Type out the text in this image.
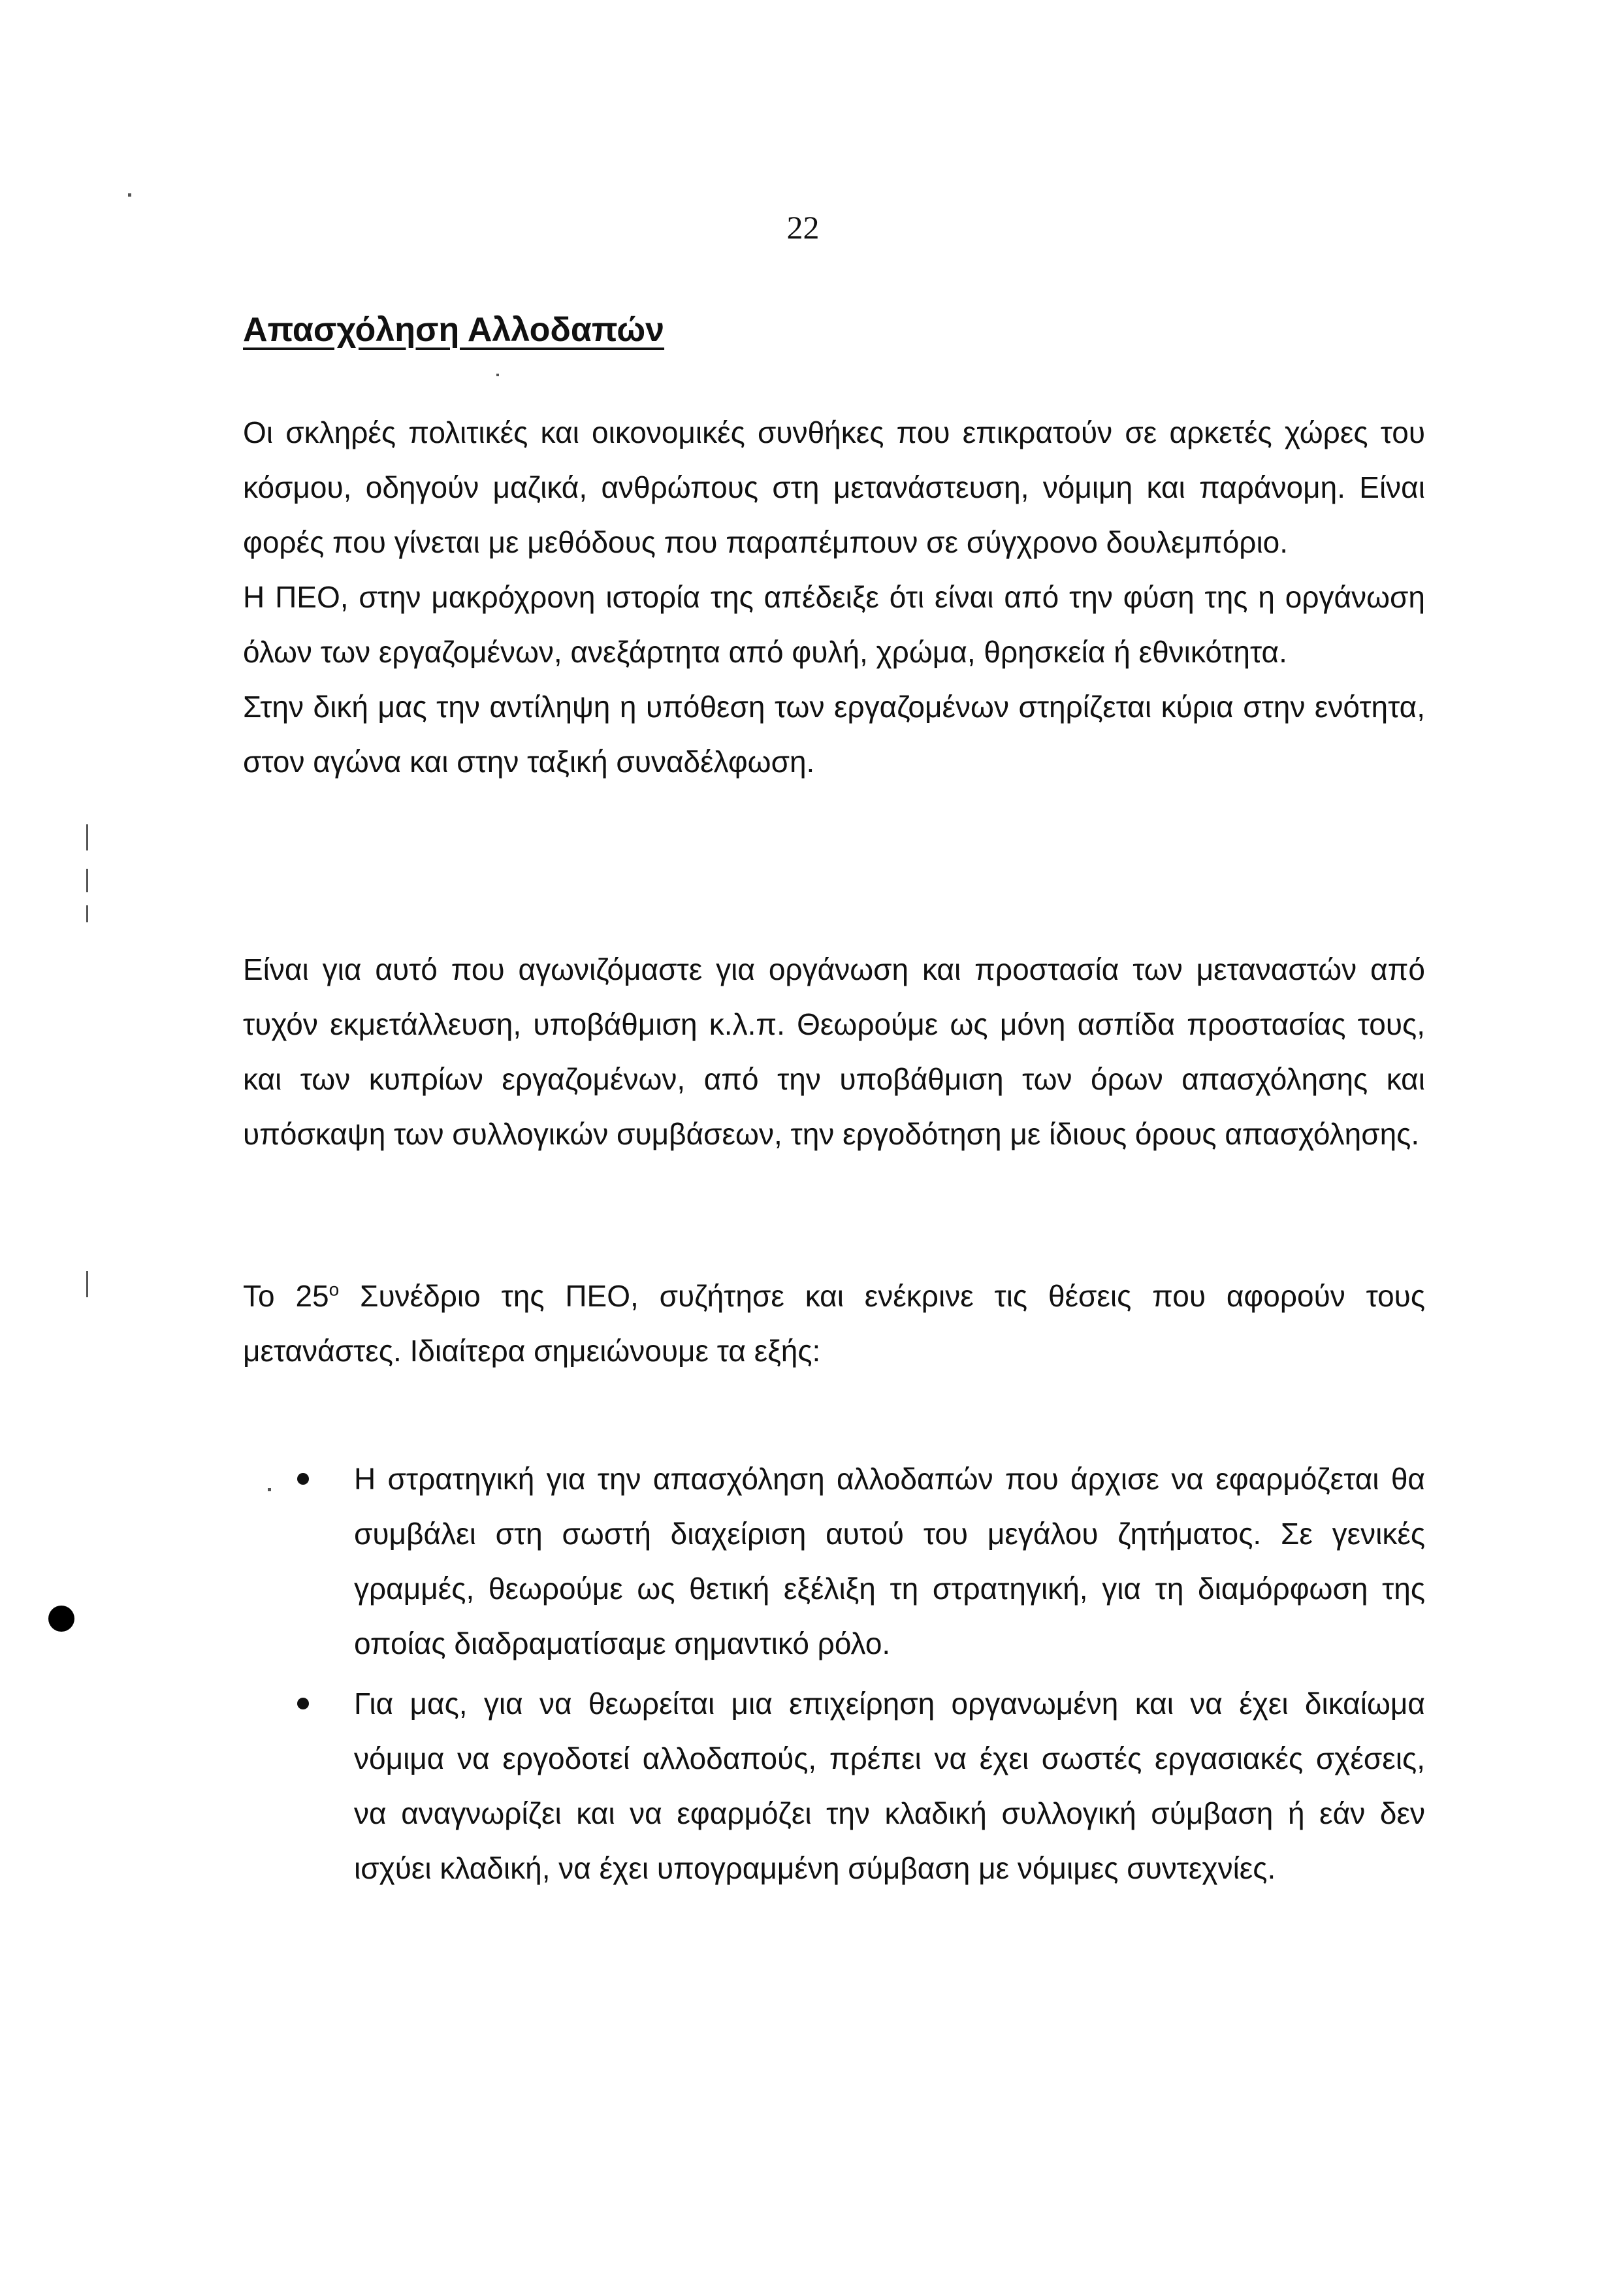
22
Απασχόληση Αλλοδαπών

Οι σκληρές πολιτικές και οικονομικές συνθήκες που επικρατούν σε αρκετές χώρες του κόσμου, οδηγούν μαζικά, ανθρώπους στη μετανάστευση, νόμιμη και παράνομη. Είναι φορές που γίνεται με μεθόδους που παραπέμπουν σε σύγχρονο δουλεμπόριο.

Η ΠΕΟ, στην μακρόχρονη ιστορία της απέδειξε ότι είναι από την φύση της η οργάνωση όλων των εργαζομένων, ανεξάρτητα από φυλή, χρώμα, θρησκεία ή εθνικότητα.

Στην δική μας την αντίληψη η υπόθεση των εργαζομένων στηρίζεται κύρια στην ενότητα, στον αγώνα και στην ταξική συναδέλφωση.

Είναι για αυτό που αγωνιζόμαστε για οργάνωση και προστασία των μεταναστών από τυχόν εκμετάλλευση, υποβάθμιση κ.λ.π. Θεωρούμε ως μόνη ασπίδα προστασίας τους, και των κυπρίων εργαζομένων, από την υποβάθμιση των όρων απασχόλησης και υπόσκαψη των συλλογικών συμβάσεων, την εργοδότηση με ίδιους όρους απασχόλησης.

Το $25^o$ Συνέδριο της ΠΕΟ, συζήτησε και ενέκρινε τις θέσεις που αφορούν τους μετανάστες. Ιδιαίτερα σημειώνουμε τα εξής:

Η στρατηγική για την απασχόληση αλλοδαπών που άρχισε να εφαρμόζεται θα συμβάλει στη σωστή διαχείριση αυτού του μεγάλου ζητήματος. Σε γενικές γραμμές, θεωρούμε ως θετική εξέλιξη τη στρατηγική, για τη διαμόρφωση της οποίας διαδραματίσαμε σημαντικό ρόλο.
Για μας, για να θεωρείται μια επιχείρηση οργανωμένη και να έχει δικαίωμα νόμιμα να εργοδοτεί αλλοδαπούς, πρέπει να έχει σωστές εργασιακές σχέσεις, να αναγνωρίζει και να εφαρμόζει την κλαδική συλλογική σύμβαση ή εάν δεν ισχύει κλαδική, να έχει υπογραμμένη σύμβαση με νόμιμες συντεχνίες.
